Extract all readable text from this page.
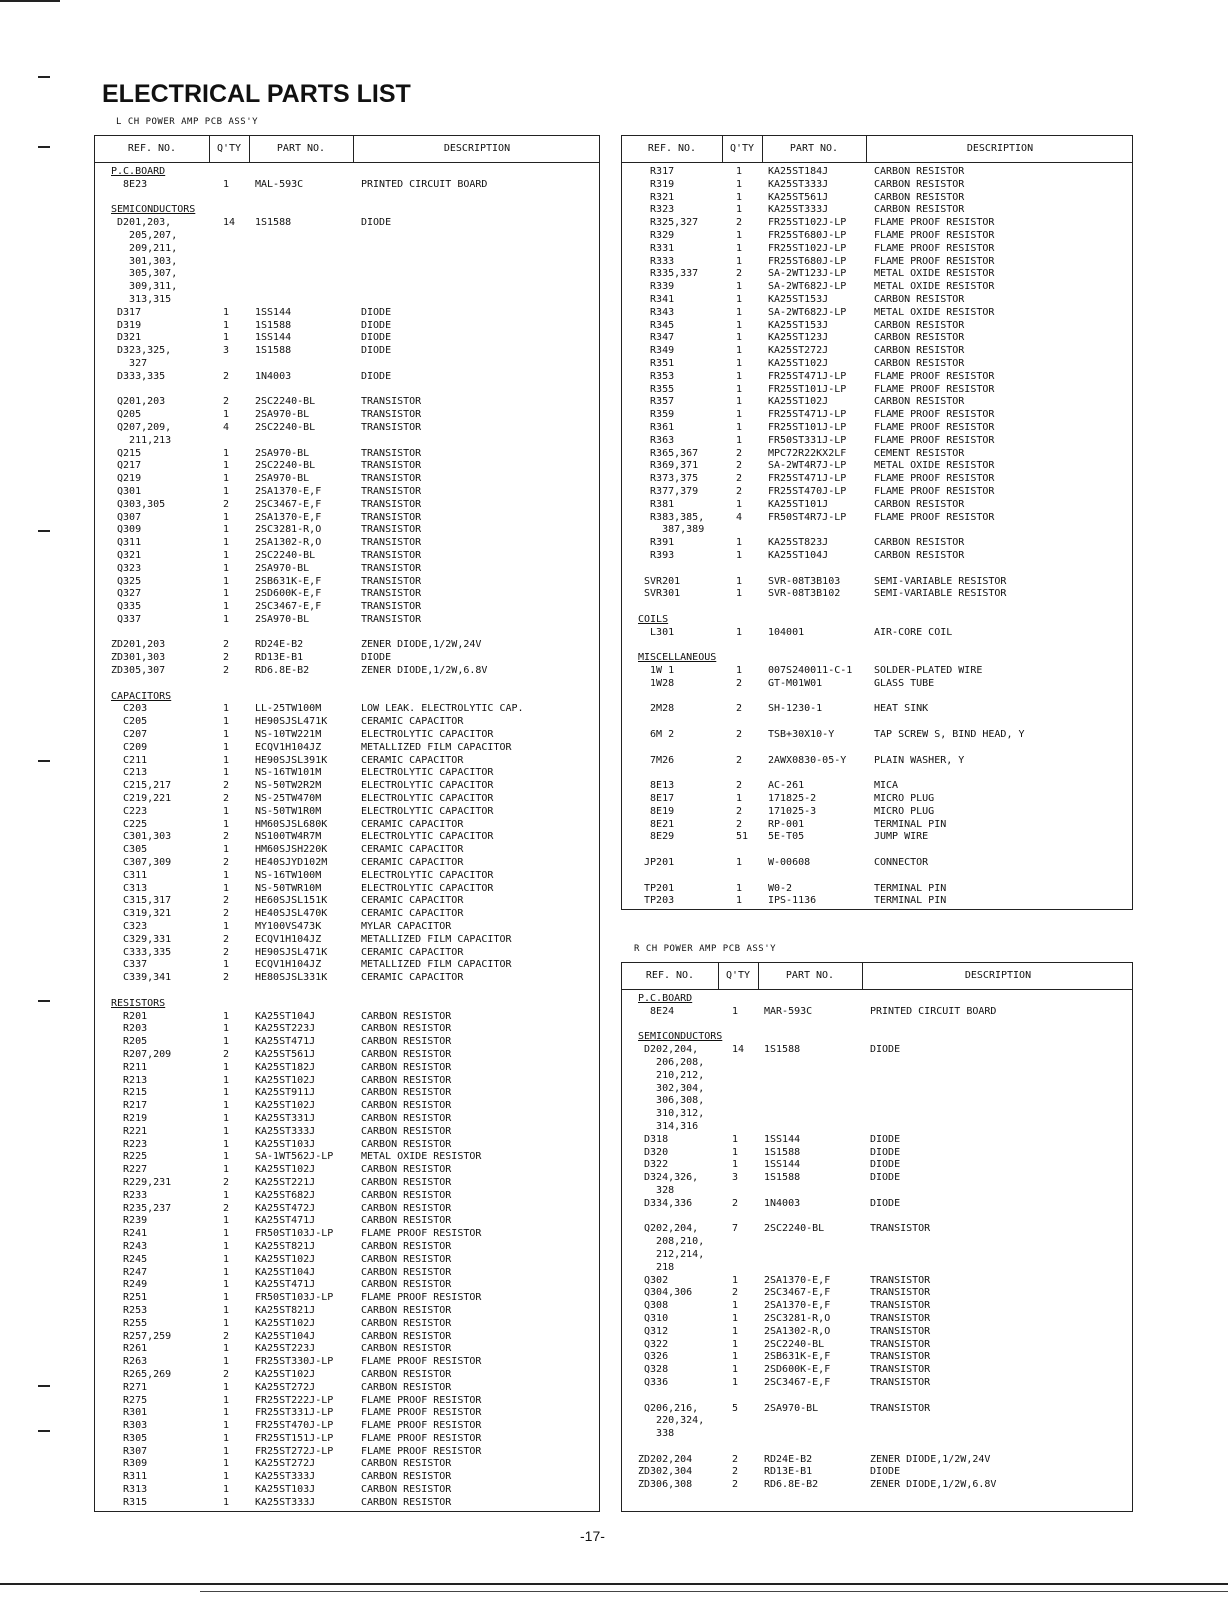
ELECTRICAL PARTS LIST
L CH POWER AMP PCB ASS'Y
R CH POWER AMP PCB ASS'Y
REF. NO.	Q'TY	PART NO.	DESCRIPTION
P.C.BOARD
8E23	1	MAL-593C	PRINTED CIRCUIT BOARD
SEMICONDUCTORS
D201,203,	14 1S1588	DIODE
205,207,
209,211,
301,303,
305,307,
309,311,
313,315
D317	1	1SS144	DIODE
D319	1	1S1588	DIODE
D321	1	1SS144	DIODE
D323,325,	3	1S1588	DIODE
327
D333,335	2	1N4003	DIODE
Q201,203	2	2SC2240-BL	TRANSISTOR
Q205	1	2SA970-BL	TRANSISTOR
Q207,209,	4	2SC2240-BL	TRANSISTOR
211,213
Q215	1	2SA970-BL	TRANSISTOR
Q217	1	2SC2240-BL	TRANSISTOR
Q219	1	2SA970-BL	TRANSISTOR
Q301	1	2SA1370-E,F	TRANSISTOR
Q303,305	2	2SC3467-E,F	TRANSISTOR
Q307	1	2SA1370-E,F	TRANSISTOR
Q309	1	2SC3281-R,O	TRANSISTOR
Q311	1	2SA1302-R,O	TRANSISTOR
Q321	1	2SC2240-BL	TRANSISTOR
Q323	1	2SA970-BL	TRANSISTOR
Q325	1	2SB631K-E,F	TRANSISTOR
Q327	1	2SD600K-E,F	TRANSISTOR
Q335	1	2SC3467-E,F	TRANSISTOR
Q337	1	2SA970-BL	TRANSISTOR
ZD201,203	2	RD24E-B2	ZENER DIODE,1/2W,24V
ZD301,303	2	RD13E-B1	DIODE
ZD305,307	2	RD6.8E-B2	ZENER DIODE,1/2W,6.8V
CAPACITORS
C203	1	LL-25TW100M	LOW LEAK. ELECTROLYTIC CAP.
C205	1	HE90SJSL471K	CERAMIC CAPACITOR
C207	1	NS-10TW221M	ELECTROLYTIC CAPACITOR
C209	1	ECQV1H104JZ	METALLIZED FILM CAPACITOR
C211	1	HE90SJSL391K	CERAMIC CAPACITOR
C213	1	NS-16TW101M	ELECTROLYTIC CAPACITOR
C215,217	2	NS-50TW2R2M	ELECTROLYTIC CAPACITOR
C219,221	2	NS-25TW470M	ELECTROLYTIC CAPACITOR
C223	1	NS-50TW1R0M	ELECTROLYTIC CAPACITOR
C225	1	HM60SJSL680K	CERAMIC CAPACITOR
C301,303	2	NS100TW4R7M	ELECTROLYTIC CAPACITOR
C305	1	HM60SJSH220K	CERAMIC CAPACITOR
C307,309	2	HE40SJYD102M	CERAMIC CAPACITOR
C311	1	NS-16TW100M	ELECTROLYTIC CAPACITOR
C313	1	NS-50TWR10M	ELECTROLYTIC CAPACITOR
C315,317	2	HE60SJSL151K	CERAMIC CAPACITOR
C319,321	2	HE40SJSL470K	CERAMIC CAPACITOR
C323	1	MY100VS473K	MYLAR CAPACITOR
C329,331	2	ECQV1H104JZ	METALLIZED FILM CAPACITOR
C333,335	2	HE90SJSL471K	CERAMIC CAPACITOR
C337	1	ECQV1H104JZ	METALLIZED FILM CAPACITOR
C339,341	2	HE80SJSL331K	CERAMIC CAPACITOR
RESISTORS
R201	1	KA25ST104J	CARBON RESISTOR
R203	1	KA25ST223J	CARBON RESISTOR
R205	1	KA25ST471J	CARBON RESISTOR
R207,209	2	KA25ST561J	CARBON RESISTOR
R211	1	KA25ST182J	CARBON RESISTOR
R213	1	KA25ST102J	CARBON RESISTOR
R215	1	KA25ST911J	CARBON RESISTOR
R217	1	KA25ST102J	CARBON RESISTOR
R219	1	KA25ST331J	CARBON RESISTOR
R221	1	KA25ST333J	CARBON RESISTOR
R223	1	KA25ST103J	CARBON RESISTOR
R225	1	SA-1WT562J-LP	METAL OXIDE RESISTOR
R227	1	KA25ST102J	CARBON RESISTOR
R229,231	2	KA25ST221J	CARBON RESISTOR
R233	1	KA25ST682J	CARBON RESISTOR
R235,237	2	KA25ST472J	CARBON RESISTOR
R239	1	KA25ST471J	CARBON RESISTOR
R241	1	FR50ST103J-LP	FLAME PROOF RESISTOR
R243	1	KA25ST821J	CARBON RESISTOR
R245	1	KA25ST102J	CARBON RESISTOR
R247	1	KA25ST104J	CARBON RESISTOR
R249	1	KA25ST471J	CARBON RESISTOR
R251	1	FR50ST103J-LP	FLAME PROOF RESISTOR
R253	1	KA25ST821J	CARBON RESISTOR
R255	1	KA25ST102J	CARBON RESISTOR
R257,259	2	KA25ST104J	CARBON RESISTOR
R261	1	KA25ST223J	CARBON RESISTOR
R263	1	FR25ST330J-LP	FLAME PROOF RESISTOR
R265,269	2	KA25ST102J	CARBON RESISTOR
R271	1	KA25ST272J	CARBON RESISTOR
R275	1	FR25ST222J-LP	FLAME PROOF RESISTOR
R301	1	FR25ST331J-LP	FLAME PROOF RESISTOR
R303	1	FR25ST470J-LP	FLAME PROOF RESISTOR
R305	1	FR25ST151J-LP	FLAME PROOF RESISTOR
R307	1	FR25ST272J-LP	FLAME PROOF RESISTOR
R309	1	KA25ST272J	CARBON RESISTOR
R311	1	KA25ST333J	CARBON RESISTOR
R313	1	KA25ST103J	CARBON RESISTOR
R315	1	KA25ST333J	CARBON RESISTOR
REF. NO.	Q'TY	PART NO.	DESCRIPTION
R317	1	KA25ST184J	CARBON RESISTOR
R319	1	KA25ST333J	CARBON RESISTOR
R321	1	KA25ST561J	CARBON RESISTOR
R323	1	KA25ST333J	CARBON RESISTOR
R325,327	2	FR25ST102J-LP	FLAME PROOF RESISTOR
R329	1	FR25ST680J-LP	FLAME PROOF RESISTOR
R331	1	FR25ST102J-LP	FLAME PROOF RESISTOR
R333	1	FR25ST680J-LP	FLAME PROOF RESISTOR
R335,337	2	SA-2WT123J-LP	METAL OXIDE RESISTOR
R339	1	SA-2WT682J-LP	METAL OXIDE RESISTOR
R341	1	KA25ST153J	CARBON RESISTOR
R343	1	SA-2WT682J-LP	METAL OXIDE RESISTOR
R345	1	KA25ST153J	CARBON RESISTOR
R347	1	KA25ST123J	CARBON RESISTOR
R349	1	KA25ST272J	CARBON RESISTOR
R351	1	KA25ST102J	CARBON RESISTOR
R353	1	FR25ST471J-LP	FLAME PROOF RESISTOR
R355	1	FR25ST101J-LP	FLAME PROOF RESISTOR
R357	1	KA25ST102J	CARBON RESISTOR
R359	1	FR25ST471J-LP	FLAME PROOF RESISTOR
R361	1	FR25ST101J-LP	FLAME PROOF RESISTOR
R363	1	FR50ST331J-LP	FLAME PROOF RESISTOR
R365,367	2	MPC72R22KX2LF	CEMENT RESISTOR
R369,371	2	SA-2WT4R7J-LP	METAL OXIDE RESISTOR
R373,375	2	FR25ST471J-LP	FLAME PROOF RESISTOR
R377,379	2	FR25ST470J-LP	FLAME PROOF RESISTOR
R381	1	KA25ST101J	CARBON RESISTOR
R383,385,	4	FR50ST4R7J-LP	FLAME PROOF RESISTOR
387,389
R391	1	KA25ST823J	CARBON RESISTOR
R393	1	KA25ST104J	CARBON RESISTOR
SVR201	1	SVR-08T3B103	SEMI-VARIABLE RESISTOR
SVR301	1	SVR-08T3B102	SEMI-VARIABLE RESISTOR
COILS
L301	1	104001	AIR-CORE COIL
MISCELLANEOUS
1W 1	1	007S240011-C-1 SOLDER-PLATED WIRE
1W28	2	GT-M01W01	GLASS TUBE
2M28	2	SH-1230-1	HEAT SINK
6M 2	2	TSB+30X10-Y	TAP SCREW S, BIND HEAD, Y
7M26	2	2AWX0830-05-Y	PLAIN WASHER, Y
8E13	2	AC-261	MICA
8E17	1	171825-2	MICRO PLUG
8E19	2	171025-3	MICRO PLUG
8E21	2	RP-001	TERMINAL PIN
8E29	51 5E-T05	JUMP WIRE
JP201	1	W-00608	CONNECTOR
TP201	1	W0-2	TERMINAL PIN
TP203	1	IPS-1136	TERMINAL PIN
REF. NO.	Q'TY	PART NO.	DESCRIPTION
P.C.BOARD
8E24	1	MAR-593C	PRINTED CIRCUIT BOARD
SEMICONDUCTORS
D202,204,	14 1S1588	DIODE
206,208,
210,212,
302,304,
306,308,
310,312,
314,316
D318	1	1SS144	DIODE
D320	1	1S1588	DIODE
D322	1	1SS144	DIODE
D324,326,	3	1S1588	DIODE
328
D334,336	2	1N4003	DIODE
Q202,204,	7	2SC2240-BL	TRANSISTOR
208,210,
212,214,
218
Q302	1	2SA1370-E,F	TRANSISTOR
Q304,306	2	2SC3467-E,F	TRANSISTOR
Q308	1	2SA1370-E,F	TRANSISTOR
Q310	1	2SC3281-R,O	TRANSISTOR
Q312	1	2SA1302-R,O	TRANSISTOR
Q322	1	2SC2240-BL	TRANSISTOR
Q326	1	2SB631K-E,F	TRANSISTOR
Q328	1	2SD600K-E,F	TRANSISTOR
Q336	1	2SC3467-E,F	TRANSISTOR
Q206,216,	5	2SA970-BL	TRANSISTOR
220,324,
338
ZD202,204	2	RD24E-B2	ZENER DIODE,1/2W,24V
ZD302,304	2	RD13E-B1	DIODE
ZD306,308	2	RD6.8E-B2	ZENER DIODE,1/2W,6.8V
-17-
